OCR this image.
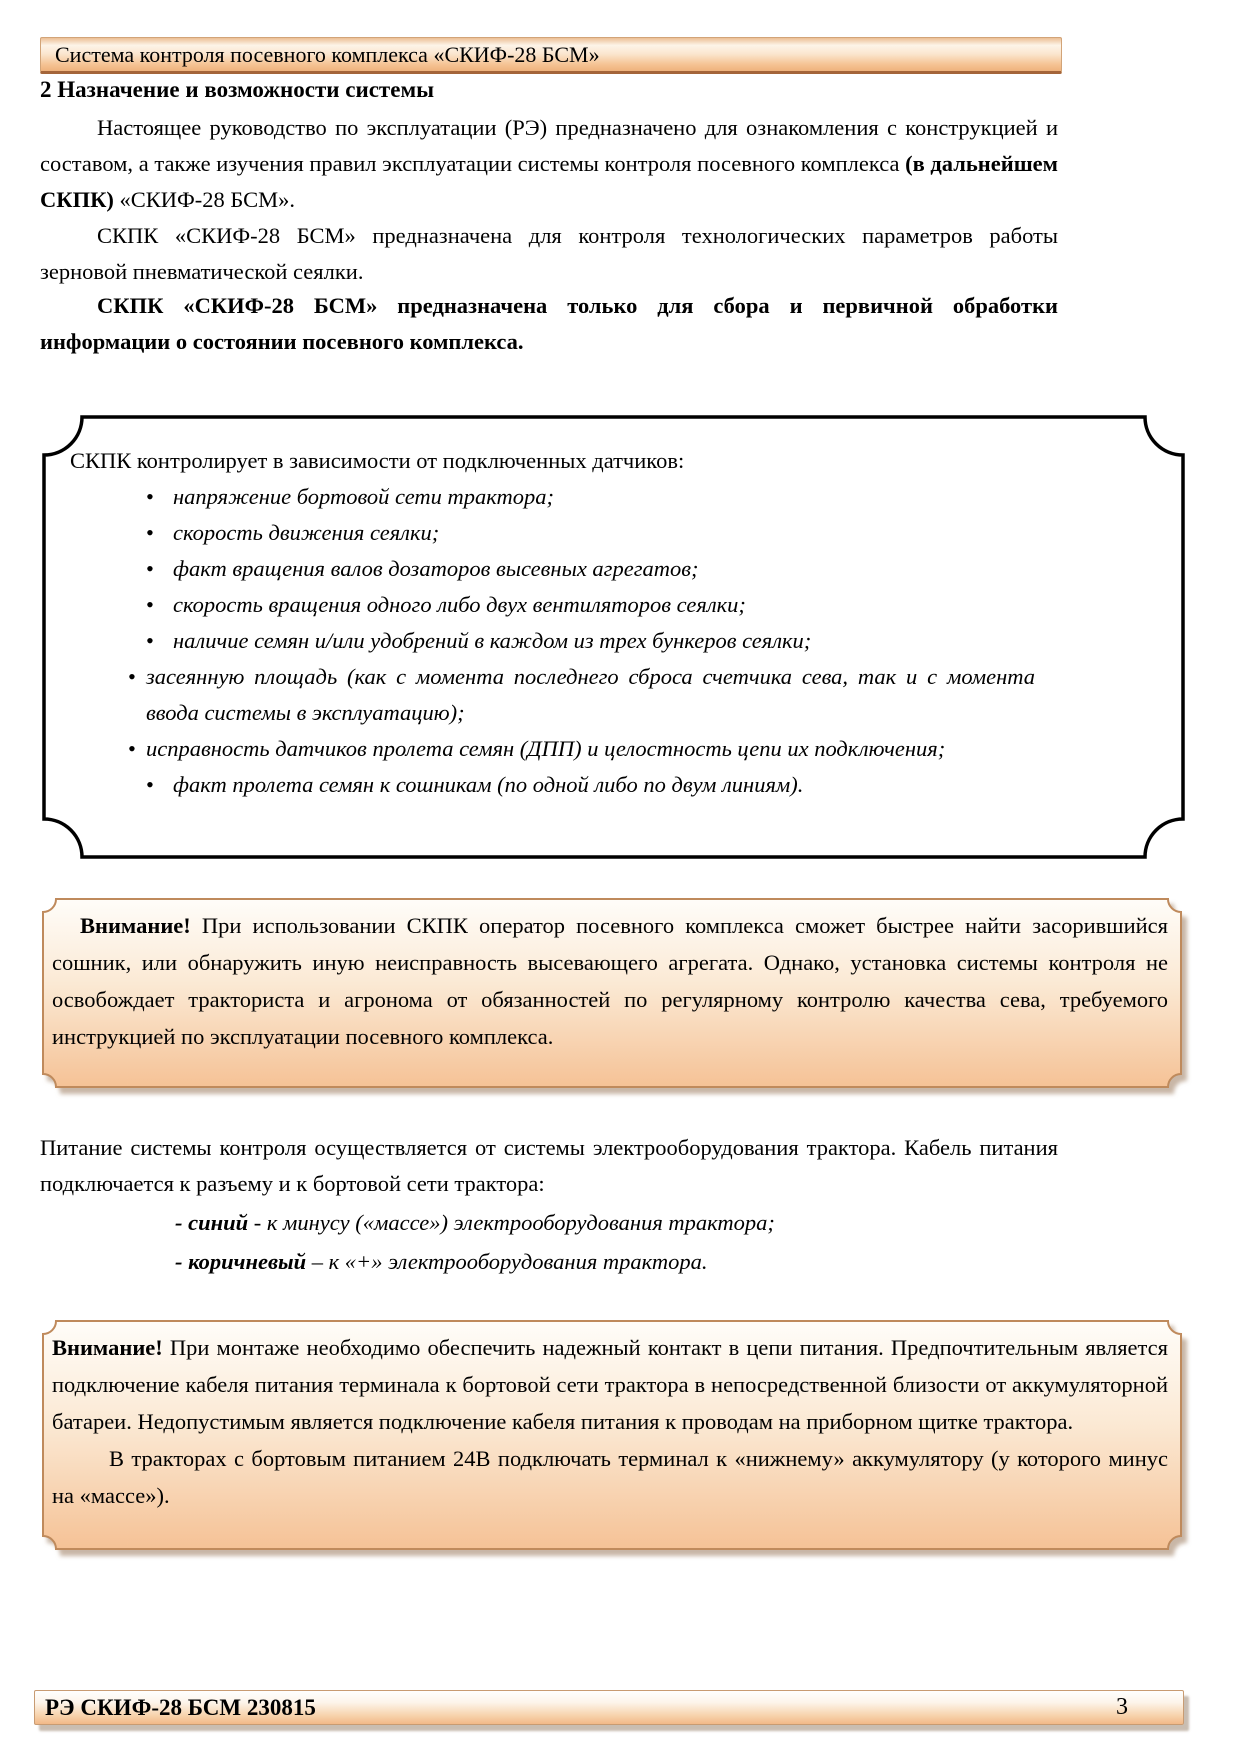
Система контроля посевного комплекса «СКИФ-28 БСМ»
2 Назначение и возможности системы

Настоящее руководство по эксплуатации (РЭ) предназначено для ознакомления с конструкцией и составом, а также изучения правил эксплуатации системы контроля посевного комплекса (в дальнейшем СКПК) «СКИФ-28 БСМ».

СКПК «СКИФ-28 БСМ» предназначена для контроля технологических параметров работы зерновой пневматической сеялки.

СКПК «СКИФ-28 БСМ» предназначена только для сбора и первичной обработки информации о состоянии посевного комплекса.

СКПК контролирует в зависимости от подключенных датчиков:

• напряжение бортовой сети трактора;
• скорость движения сеялки;
• факт вращения валов дозаторов высевных агрегатов;
• скорость вращения одного либо двух вентиляторов сеялки;
• наличие семян и/или удобрений в каждом из трех бункеров сеялки;
• засеянную площадь (как с момента последнего сброса счетчика сева, так и с момента ввода системы в эксплуатацию);
• исправность датчиков пролета семян (ДПП) и целостность цепи их подключения;
• факт пролета семян к сошникам (по одной либо по двум линиям).

Внимание! При использовании СКПК оператор посевного комплекса сможет быстрее найти засорившийся сошник, или обнаружить иную неисправность высевающего агрегата. Однако, установка системы контроля не освобождает тракториста и агронома от обязанностей по регулярному контролю качества сева, требуемого инструкцией по эксплуатации посевного комплекса.

Питание системы контроля осуществляется от системы электрооборудования трактора. Кабель питания подключается к разъему и к бортовой сети трактора:

- синий - к минусу («массе») электрооборудования трактора;
- коричневый – к «+» электрооборудования трактора.

Внимание! При монтаже необходимо обеспечить надежный контакт в цепи питания. Предпочтительным является подключение кабеля питания терминала к бортовой сети трактора в непосредственной близости от аккумуляторной батареи. Недопустимым является подключение кабеля питания к проводам на приборном щитке трактора.

В тракторах с бортовым питанием 24В подключать терминал к «нижнему» аккумулятору (у которого минус на «массе»).

РЭ СКИФ-28 БСМ 230815	3
